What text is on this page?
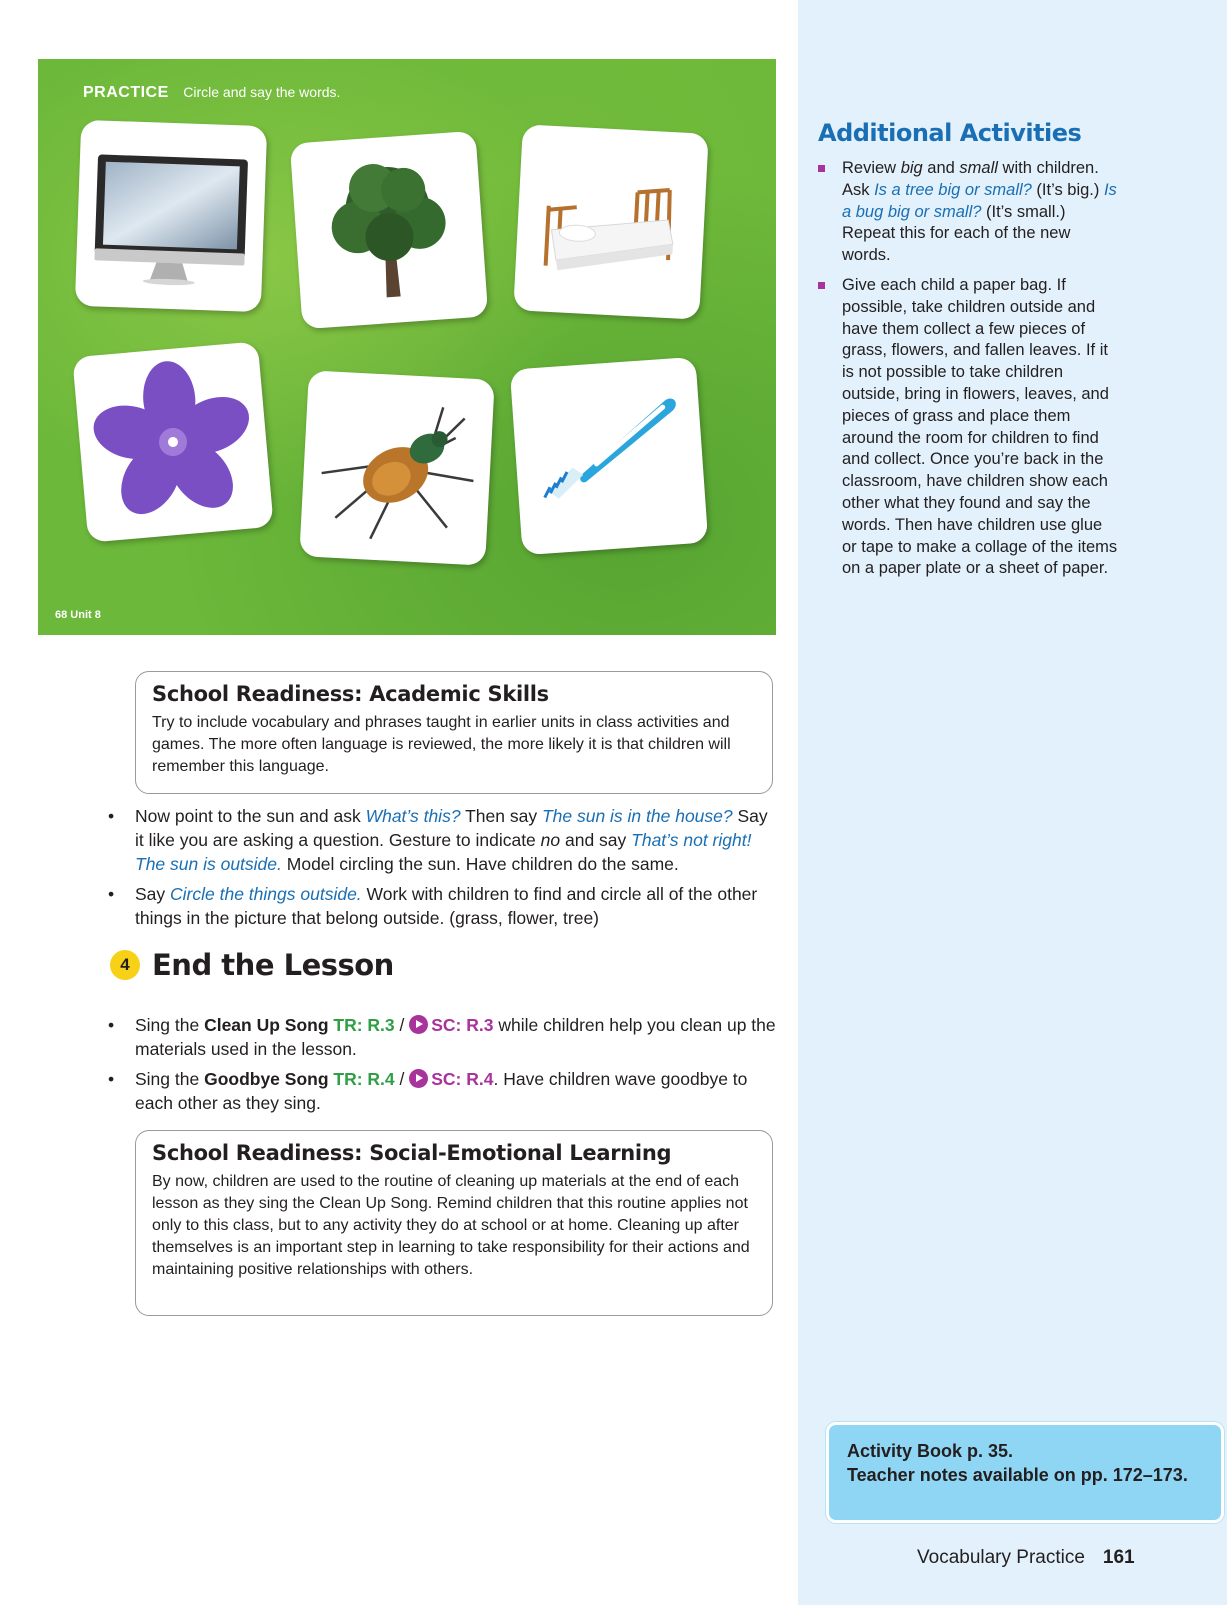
PRACTICE Circle and say the words.
68 Unit 8
School Readiness: Academic Skills

Try to include vocabulary and phrases taught in earlier units in class activities and games. The more often language is reviewed, the more likely it is that children will remember this language.

• Now point to the sun and ask What’s this? Then say The sun is in the house? Say it like you are asking a question. Gesture to indicate no and say That’s not right! The sun is outside. Model circling the sun. Have children do the same.
• Say Circle the things outside. Work with children to find and circle all of the other things in the picture that belong outside. (grass, flower, tree)
4 End the Lesson
• Sing the Clean Up Song TR: R.3 / SC: R.3 while children help you clean up the materials used in the lesson.
• Sing the Goodbye Song TR: R.4 / SC: R.4. Have children wave goodbye to each other as they sing.
School Readiness: Social-Emotional Learning

By now, children are used to the routine of cleaning up materials at the end of each lesson as they sing the Clean Up Song. Remind children that this routine applies not only to this class, but to any activity they do at school or at home. Cleaning up after themselves is an important step in learning to take responsibility for their actions and maintaining positive relationships with others.

Additional Activities
Review big and small with children. Ask Is a tree big or small? (It’s big.) Is a bug big or small? (It’s small.) Repeat this for each of the new words.
Give each child a paper bag. If possible, take children outside and have them collect a few pieces of grass, flowers, and fallen leaves. If it is not possible to take children outside, bring in flowers, leaves, and pieces of grass and place them around the room for children to find and collect. Once you’re back in the classroom, have children show each other what they found and say the words. Then have children use glue or tape to make a collage of the items on a paper plate or a sheet of paper.
Activity Book p. 35.
Teacher notes available on pp. 172–173.
Vocabulary Practice 161
